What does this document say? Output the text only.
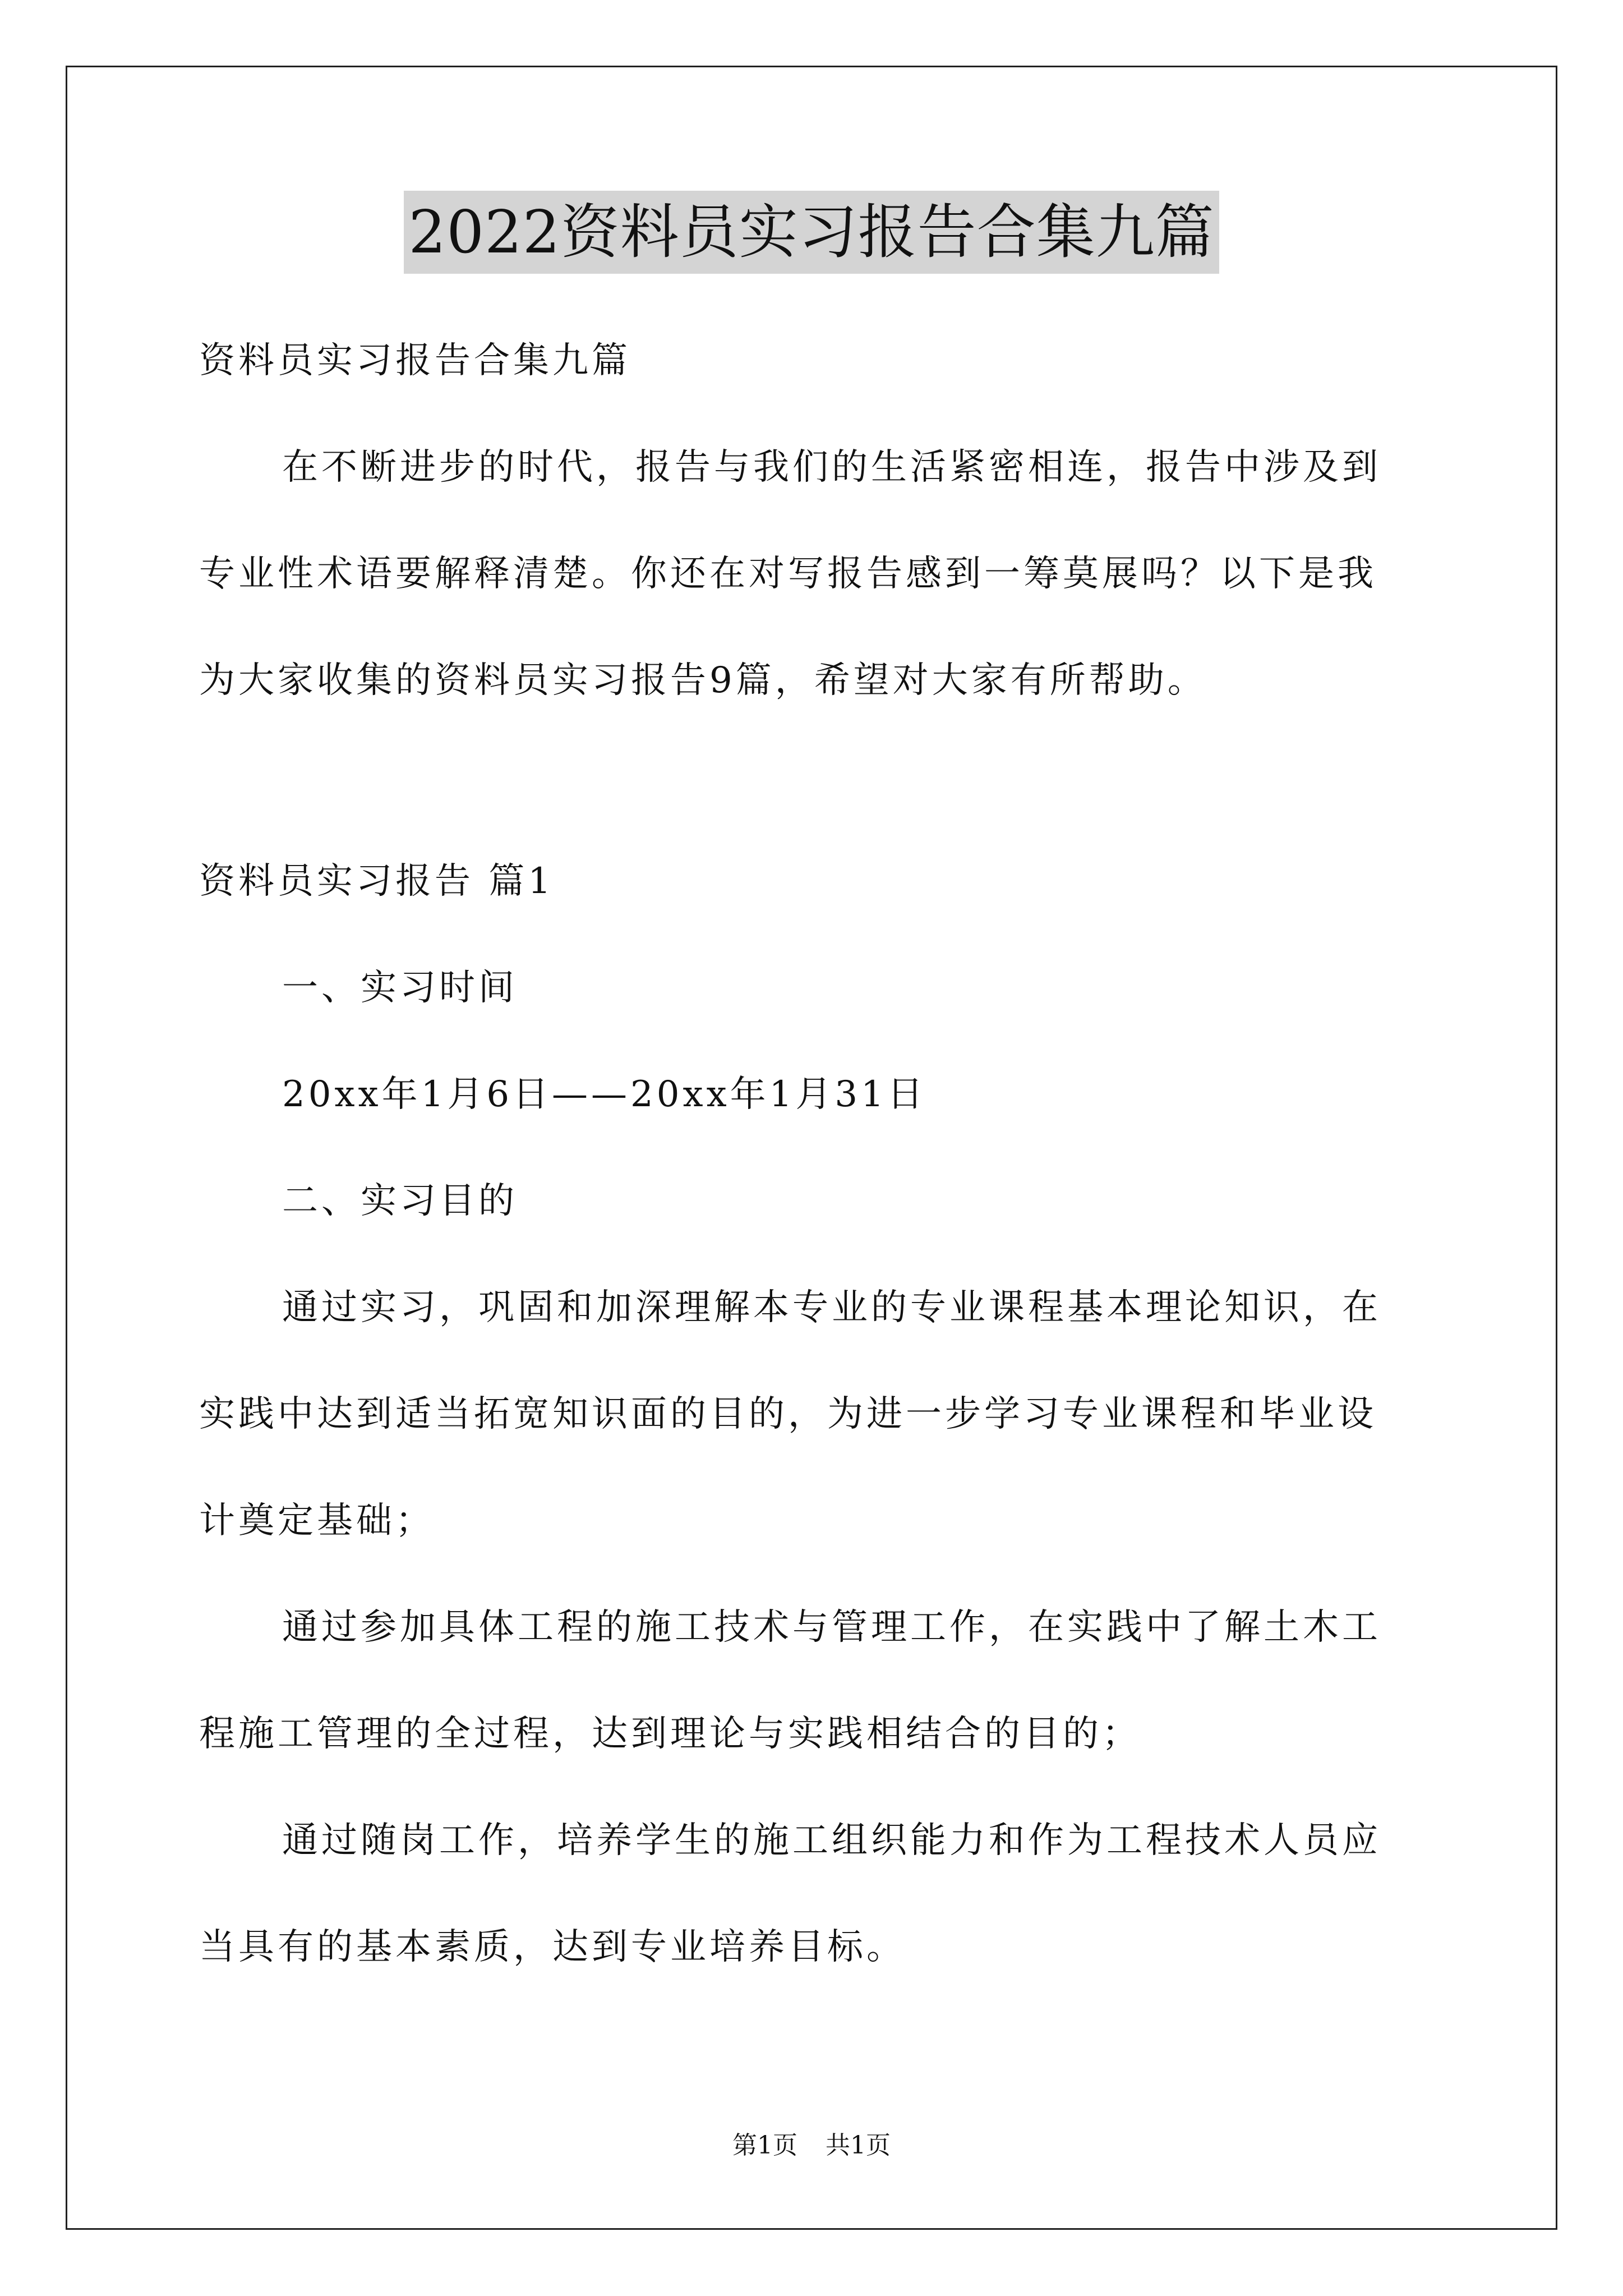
2022资料员实习报告合集九篇
资料员实习报告合集九篇
在不断进步的时代，报告与我们的生活紧密相连，报告中涉及到
专业性术语要解释清楚。你还在对写报告感到一筹莫展吗？以下是我
为大家收集的资料员实习报告9篇，希望对大家有所帮助。
资料员实习报告 篇1
一、实习时间
20xx年1月6日——20xx年1月31日
二、实习目的
通过实习，巩固和加深理解本专业的专业课程基本理论知识，在
实践中达到适当拓宽知识面的目的，为进一步学习专业课程和毕业设
计奠定基础；
通过参加具体工程的施工技术与管理工作，在实践中了解土木工
程施工管理的全过程，达到理论与实践相结合的目的；
通过随岗工作，培养学生的施工组织能力和作为工程技术人员应
当具有的基本素质，达到专业培养目标。
第1页 共1页
